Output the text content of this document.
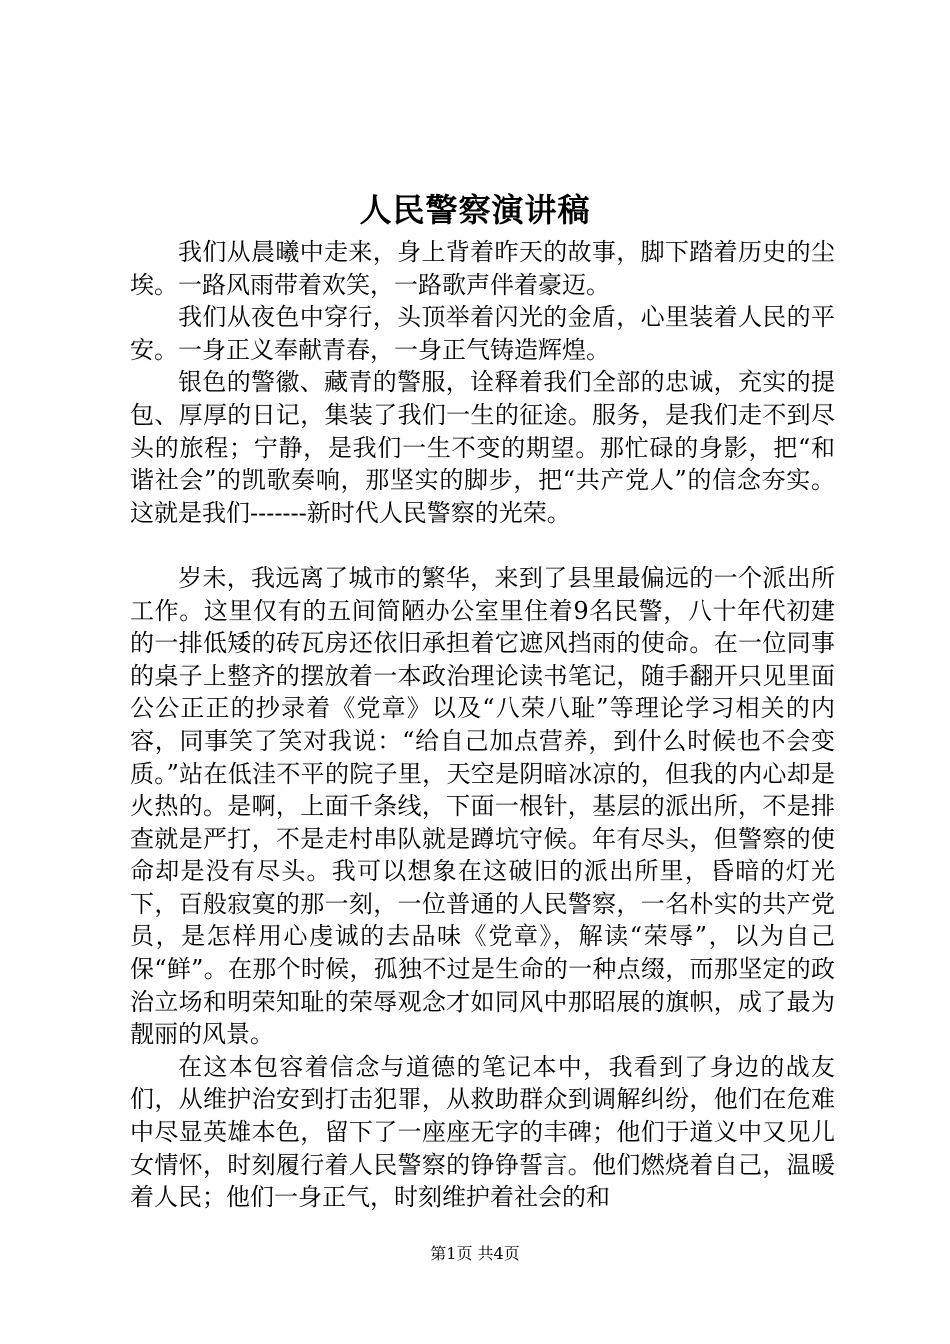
人民警察演讲稿

我们从晨曦中走来，身上背着昨天的故事，脚下踏着历史的尘埃。一路风雨带着欢笑，一路歌声伴着豪迈。

我们从夜色中穿行，头顶举着闪光的金盾，心里装着人民的平安。一身正义奉献青春，一身正气铸造辉煌。

银色的警徽、藏青的警服，诠释着我们全部的忠诚，充实的提包、厚厚的日记，集装了我们一生的征途。服务，是我们走不到尽头的旅程；宁静，是我们一生不变的期望。那忙碌的身影，把“和谐社会”的凯歌奏响，那坚实的脚步，把“共产党人”的信念夯实。这就是我们-------新时代人民警察的光荣。

岁未，我远离了城市的繁华，来到了县里最偏远的一个派出所工作。这里仅有的五间简陋办公室里住着9名民警，八十年代初建的一排低矮的砖瓦房还依旧承担着它遮风挡雨的使命。在一位同事的桌子上整齐的摆放着一本政治理论读书笔记，随手翻开只见里面公公正正的抄录着《党章》以及“八荣八耻”等理论学习相关的内容，同事笑了笑对我说：“给自己加点营养，到什么时候也不会变质。”站在低洼不平的院子里，天空是阴暗冰凉的，但我的内心却是火热的。是啊，上面千条线，下面一根针，基层的派出所，不是排查就是严打，不是走村串队就是蹲坑守候。年有尽头，但警察的使命却是没有尽头。我可以想象在这破旧的派出所里，昏暗的灯光下，百般寂寞的那一刻，一位普通的人民警察，一名朴实的共产党员，是怎样用心虔诚的去品味《党章》，解读“荣辱”，以为自己保“鲜”。在那个时候，孤独不过是生命的一种点缀，而那坚定的政治立场和明荣知耻的荣辱观念才如同风中那昭展的旗帜，成了最为靓丽的风景。

在这本包容着信念与道德的笔记本中，我看到了身边的战友们，从维护治安到打击犯罪，从救助群众到调解纠纷，他们在危难中尽显英雄本色，留下了一座座无字的丰碑；他们于道义中又见儿女情怀，时刻履行着人民警察的铮铮誓言。他们燃烧着自己，温暖着人民；他们一身正气，时刻维护着社会的和

第1页 共4页
